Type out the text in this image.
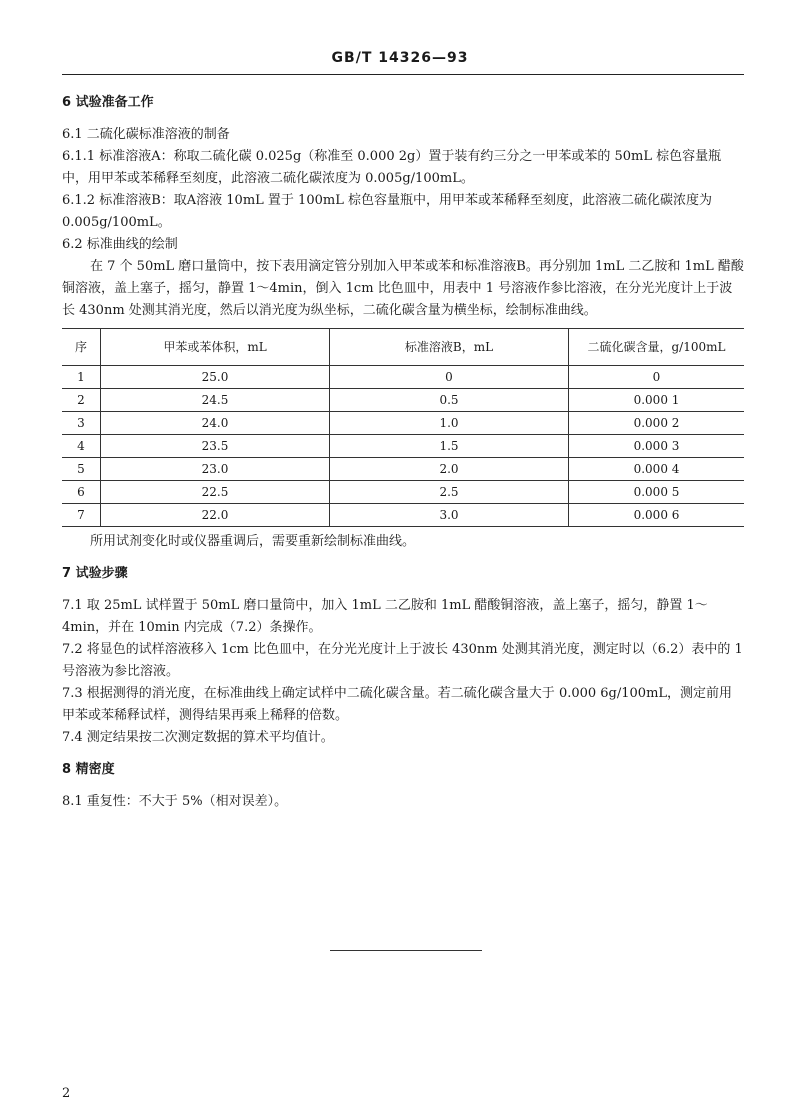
GB/T 14326—93
6 试验准备工作

6.1 二硫化碳标准溶液的制备

6.1.1 标准溶液A：称取二硫化碳 0.025g（称准至 0.000 2g）置于装有约三分之一甲苯或苯的 50mL 棕色容量瓶中，用甲苯或苯稀释至刻度，此溶液二硫化碳浓度为 0.005g/100mL。

6.1.2 标准溶液B：取A溶液 10mL 置于 100mL 棕色容量瓶中，用甲苯或苯稀释至刻度，此溶液二硫化碳浓度为 0.005g/100mL。

6.2 标准曲线的绘制

在 7 个 50mL 磨口量筒中，按下表用滴定管分别加入甲苯或苯和标准溶液B。再分别加 1mL 二乙胺和 1mL 醋酸铜溶液，盖上塞子，摇匀，静置 1～4min，倒入 1cm 比色皿中，用表中 1 号溶液作参比溶液，在分光光度计上于波长 430nm 处测其消光度，然后以消光度为纵坐标，二硫化碳含量为横坐标，绘制标准曲线。

序	甲苯或苯体积，mL	标准溶液B，mL	二硫化碳含量，g/100mL
1	25.0	0	0
2	24.5	0.5	0.000 1
3	24.0	1.0	0.000 2
4	23.5	1.5	0.000 3
5	23.0	2.0	0.000 4
6	22.5	2.5	0.000 5
7	22.0	3.0	0.000 6

所用试剂变化时或仪器重调后，需要重新绘制标准曲线。

7 试验步骤

7.1 取 25mL 试样置于 50mL 磨口量筒中，加入 1mL 二乙胺和 1mL 醋酸铜溶液，盖上塞子，摇匀，静置 1～4min，并在 10min 内完成（7.2）条操作。

7.2 将显色的试样溶液移入 1cm 比色皿中，在分光光度计上于波长 430nm 处测其消光度，测定时以（6.2）表中的 1 号溶液为参比溶液。

7.3 根据测得的消光度，在标准曲线上确定试样中二硫化碳含量。若二硫化碳含量大于 0.000 6g/100mL，测定前用甲苯或苯稀释试样，测得结果再乘上稀释的倍数。

7.4 测定结果按二次测定数据的算术平均值计。

8 精密度

8.1 重复性：不大于 5%（相对误差）。

2
